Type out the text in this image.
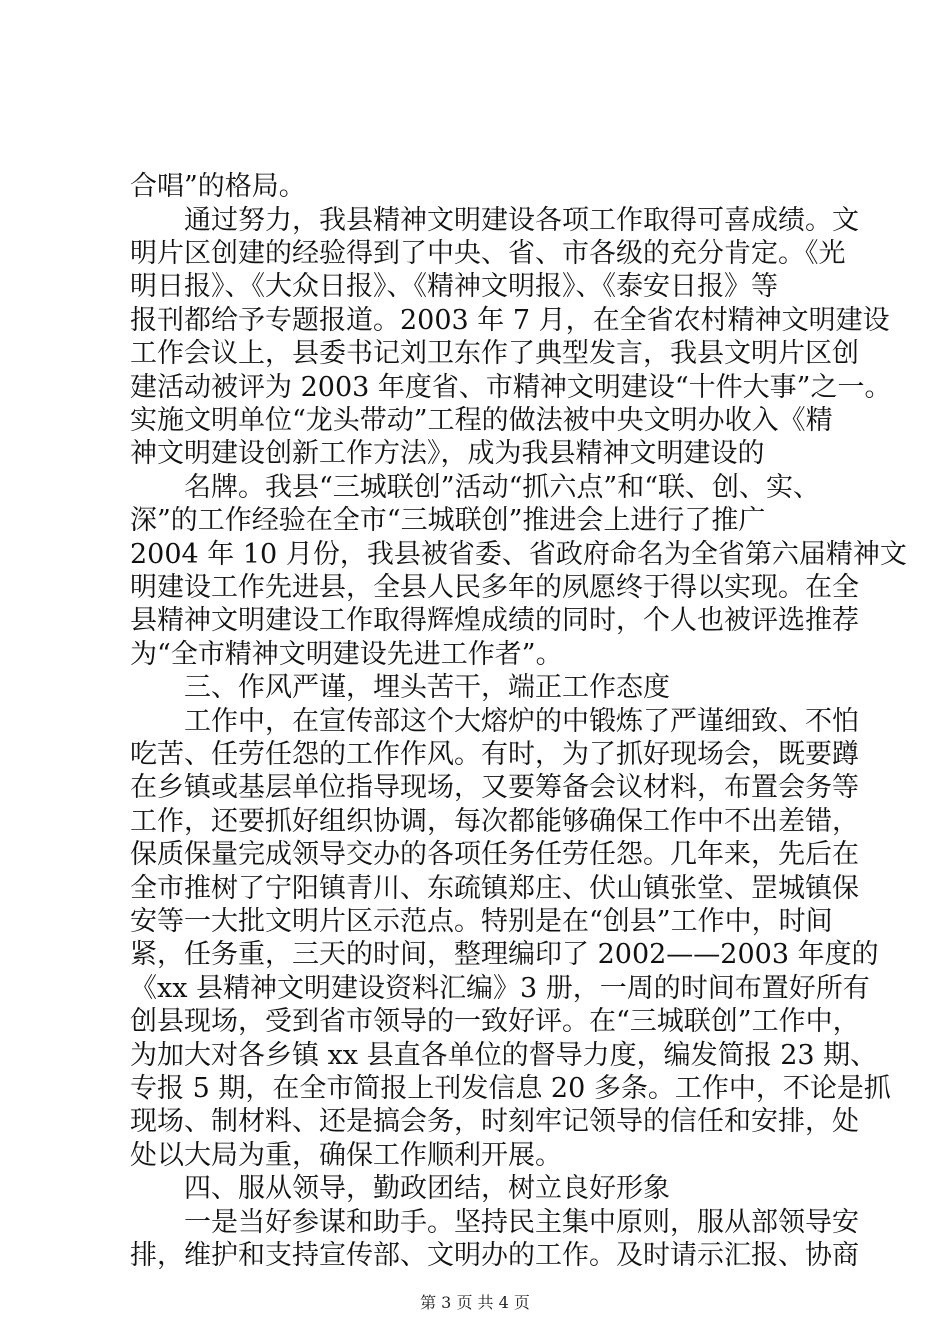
合唱”的格局。
通过努力，我县精神文明建设各项工作取得可喜成绩。文
明片区创建的经验得到了中央、省、市各级的充分肯定。《光
明日报》、《大众日报》、《精神文明报》、《泰安日报》等
报刊都给予专题报道。2003 年 7 月，在全省农村精神文明建设
工作会议上，县委书记刘卫东作了典型发言，我县文明片区创
建活动被评为 2003 年度省、市精神文明建设“十件大事”之一。
实施文明单位“龙头带动”工程的做法被中央文明办收入《精
神文明建设创新工作方法》，成为我县精神文明建设的
名牌。我县“三城联创”活动“抓六点”和“联、创、实、
深”的工作经验在全市“三城联创”推进会上进行了推广
2004 年 10 月份，我县被省委、省政府命名为全省第六届精神文
明建设工作先进县，全县人民多年的夙愿终于得以实现。在全
县精神文明建设工作取得辉煌成绩的同时，个人也被评选推荐
为“全市精神文明建设先进工作者”。
三、作风严谨，埋头苦干，端正工作态度
工作中，在宣传部这个大熔炉的中锻炼了严谨细致、不怕
吃苦、任劳任怨的工作作风。有时，为了抓好现场会，既要蹲
在乡镇或基层单位指导现场，又要筹备会议材料，布置会务等
工作，还要抓好组织协调，每次都能够确保工作中不出差错，
保质保量完成领导交办的各项任务任劳任怨。几年来，先后在
全市推树了宁阳镇青川、东疏镇郑庄、伏山镇张堂、罡城镇保
安等一大批文明片区示范点。特别是在“创县”工作中，时间
紧，任务重，三天的时间，整理编印了 2002——2003 年度的
《xx 县精神文明建设资料汇编》3 册，一周的时间布置好所有
创县现场，受到省市领导的一致好评。在“三城联创”工作中，
为加大对各乡镇 xx 县直各单位的督导力度，编发简报 23 期、
专报 5 期，在全市简报上刊发信息 20 多条。工作中，不论是抓
现场、制材料、还是搞会务，时刻牢记领导的信任和安排，处
处以大局为重，确保工作顺利开展。
四、服从领导，勤政团结，树立良好形象
一是当好参谋和助手。坚持民主集中原则，服从部领导安
排，维护和支持宣传部、文明办的工作。及时请示汇报、协商
第 3 页 共 4 页
